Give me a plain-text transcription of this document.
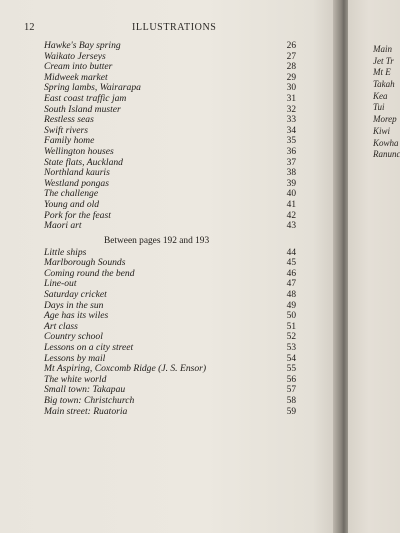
12	ILLUSTRATIONS
Hawke's Bay spring	26
Waikato Jerseys	27
Cream into butter	28
Midweek market	29
Spring lambs, Wairarapa	30
East coast traffic jam	31
South Island muster	32
Restless seas	33
Swift rivers	34
Family home	35
Wellington houses	36
State flats, Auckland	37
Northland kauris	38
Westland pongas	39
The challenge	40
Young and old	41
Pork for the feast	42
Maori art	43
Between pages 192 and 193
Little ships	44
Marlborough Sounds	45
Coming round the bend	46
Line-out	47
Saturday cricket	48
Days in the sun	49
Age has its wiles	50
Art class	51
Country school	52
Lessons on a city street	53
Lessons by mail	54
Mt Aspiring, Coxcomb Ridge (J. S. Ensor)	55
The white world	56
Small town: Takapau	57
Big town: Christchurch	58
Main street: Ruatoria	59
Main
Jet Tr
Mt E
Takah
Kea
Tui
Morep
Kiwi
Kowha
Ranunc
